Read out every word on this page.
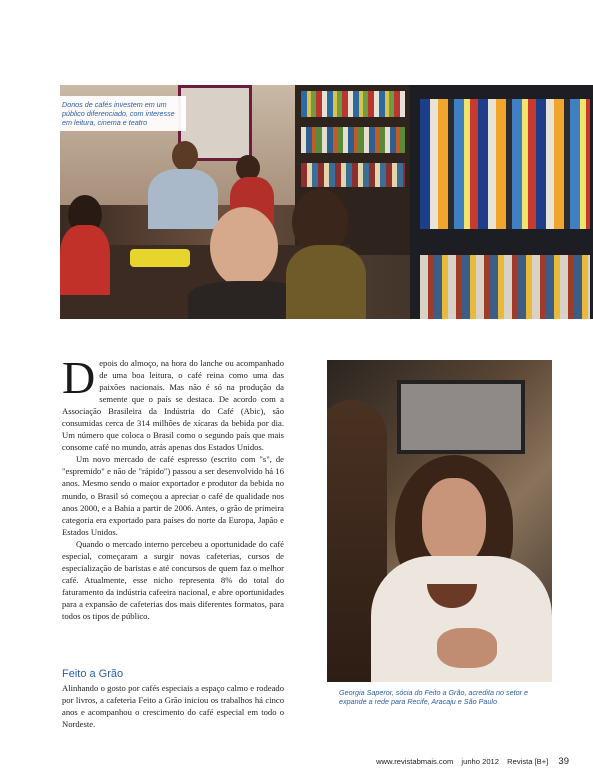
Donos de cafés investem em um público diferenciado, com interesse em leitura, cinema e teatro
Georgia Saperor, sócia do Feito a Grão, acredita no setor e expande a rede para Recife, Aracaju e São Paulo

Depois do almoço, na hora do lanche ou acompanhado de uma boa leitura, o café reina como uma das paixões nacionais. Mas não é só na produção da semente que o país se destaca. De acordo com a Associação Brasileira da Indústria do Café (Abic), são consumidas cerca de 314 milhões de xícaras da bebida por dia. Um número que coloca o Brasil como o segundo país que mais consome café no mundo, atrás apenas dos Estados Unidos.

Um novo mercado de café espresso (escrito com "s", de "espremido" e não de "rápido") passou a ser desenvolvido há 16 anos. Mesmo sendo o maior exportador e produtor da bebida no mundo, o Brasil só começou a apreciar o café de qualidade nos anos 2000, e a Bahia a partir de 2006. Antes, o grão de primeira categoria era exportado para países do norte da Europa, Japão e Estados Unidos.

Quando o mercado interno percebeu a oportunidade do café especial, começaram a surgir novas cafeterias, cursos de especialização de baristas e até concursos de quem faz o melhor café. Atualmente, esse nicho representa 8% do total do faturamento da indústria cafeeira nacional, e abre oportunidades para a expansão de cafeterias dos mais diferentes formatos, para todos os tipos de público.

Feito a Grão

Alinhando o gosto por cafés especiais a espaço calmo e rodeado por livros, a cafeteria Feito a Grão iniciou os trabalhos há cinco anos e acompanhou o crescimento do café especial em todo o Nordeste.

www.revistabmais.com junho 2012 Revista [B+] 39
